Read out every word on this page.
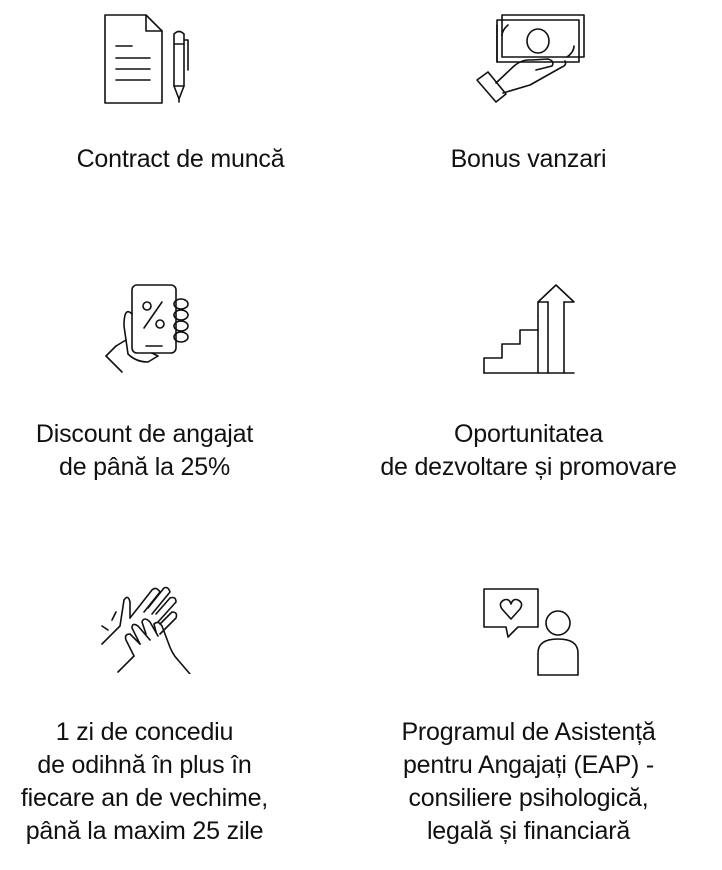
Contract de muncă	Bonus vanzari
Discount de angajat
de până la 25%
Oportunitatea
de dezvoltare și promovare
1 zi de concediu
de odihnă în plus în
fiecare an de vechime,
până la maxim 25 zile
Programul de Asistență
pentru Angajați (EAP) -
consiliere psihologică,
legală și financiară
